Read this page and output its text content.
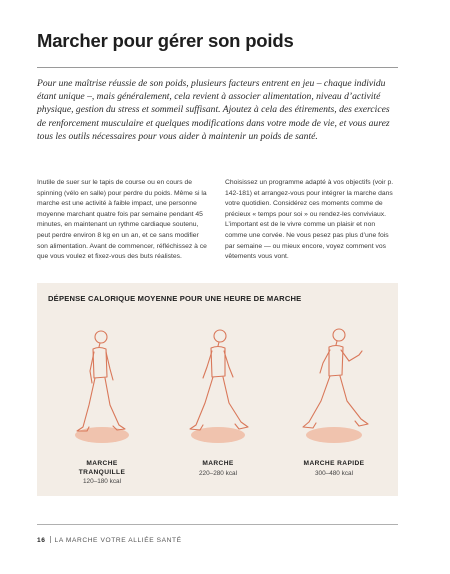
Marcher pour gérer son poids

Pour une maîtrise réussie de son poids, plusieurs facteurs entrent en jeu – chaque individu étant unique –, mais généralement, cela revient à associer alimentation, niveau d’activité physique, gestion du stress et sommeil suffisant. Ajoutez à cela des étirements, des exercices de renforcement musculaire et quelques modifications dans votre mode de vie, et vous aurez tous les outils nécessaires pour vous aider à maintenir un poids de santé.

Inutile de suer sur le tapis de course ou en cours de spinning (vélo en salle) pour perdre du poids. Même si la marche est une activité à faible impact, une personne moyenne marchant quatre fois par semaine pendant 45 minutes, en maintenant un rythme cardiaque soutenu, peut perdre environ 8 kg en un an, et ce sans modifier son alimentation. Avant de commencer, réfléchissez à ce que vous voulez et fixez-vous des buts réalistes.

Choisissez un programme adapté à vos objectifs (voir p. 142-181) et arrangez-vous pour intégrer la marche dans votre quotidien. Considérez ces moments comme de précieux « temps pour soi » ou rendez-les conviviaux. L’important est de le vivre comme un plaisir et non comme une corvée. Ne vous pesez pas plus d’une fois par semaine — ou mieux encore, voyez comment vos vêtements vous vont.

DÉPENSE CALORIQUE MOYENNE POUR UNE HEURE DE MARCHE

MARCHE
TRANQUILLE
120–180 kcal
MARCHE
220–280 kcal
MARCHE RAPIDE
300–480 kcal
16 LA MARCHE VOTRE ALLIÉE SANTÉ
